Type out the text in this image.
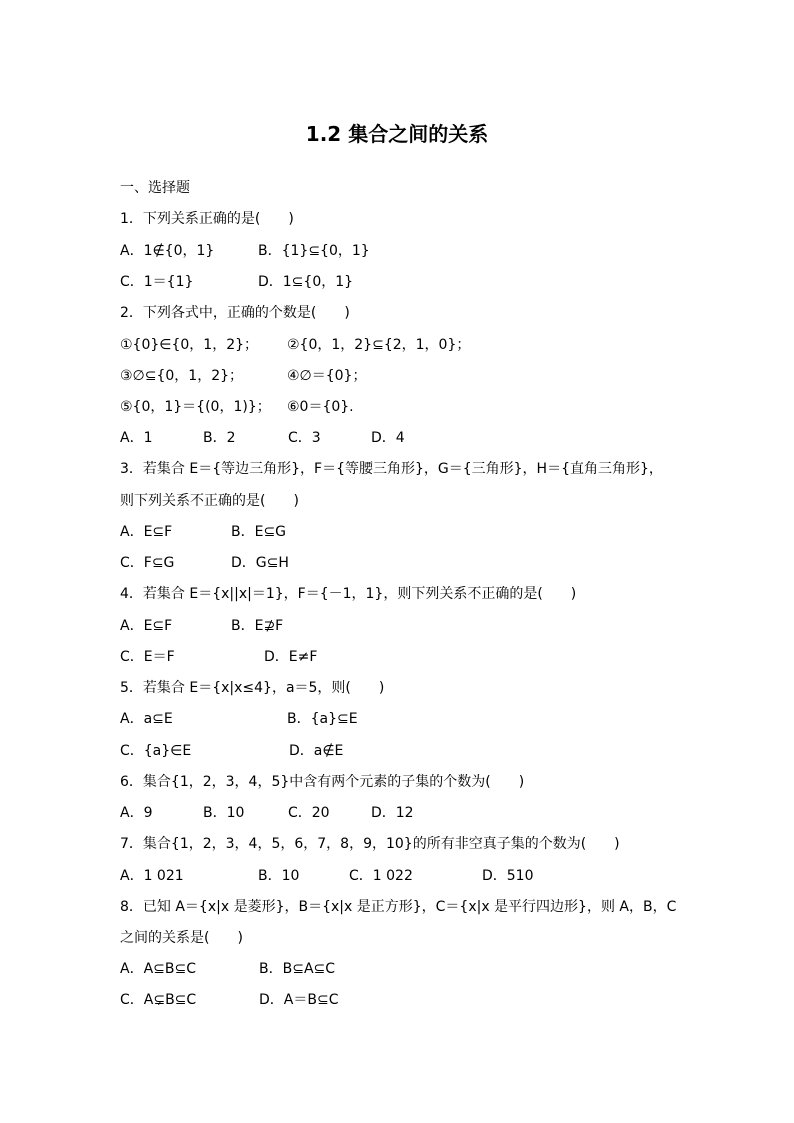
1.2 集合之间的关系
一、选择题
1．下列关系正确的是(　　)
A．1∉{0，1}	B．{1}⊆{0，1}
C．1＝{1}	D．1⊆{0，1}
2．下列各式中，正确的个数是(　　)
①{0}∈{0，1，2}； ②{0，1，2}⊆{2，1，0}；
③∅⊆{0，1，2}；	④∅＝{0}；
⑤{0，1}＝{(0，1)}； ⑥0＝{0}.
A．1	B．2	C．3	D．4
3．若集合 E＝{等边三角形}，F＝{等腰三角形}，G＝{三角形}，H＝{直角三角形}，
则下列关系不正确的是(　　)
A．E⊆F	B．E⊆G
C．F⊆G	D．G⊆H
4．若集合 E＝{x||x|＝1}，F＝{－1，1}，则下列关系不正确的是(　　)
A．E⊆F	B．E⊉F
C．E＝F	D．E≠F
5．若集合 E＝{x|x≤4}，a＝5，则(　　)
A．a⊆E	B．{a}⊆E
C．{a}∈E	D．a∉E
6．集合{1，2，3，4，5}中含有两个元素的子集的个数为(　　)
A．9	B．10	C．20	D．12
7．集合{1，2，3，4，5，6，7，8，9，10}的所有非空真子集的个数为(　　)
A．1 021	B．10	C．1 022	D．510
8．已知 A＝{x|x 是菱形}，B＝{x|x 是正方形}，C＝{x|x 是平行四边形}，则 A，B，C
之间的关系是(　　)
A．A⊆B⊆C	B．B⊆A⊆C
C．A⊊B⊆C	D．A＝B⊆C
